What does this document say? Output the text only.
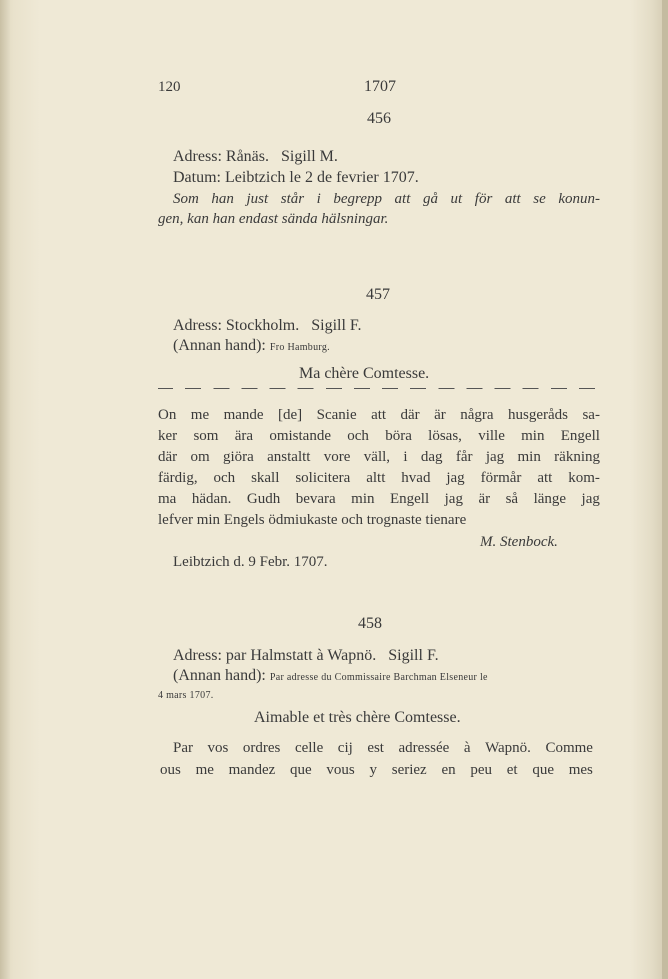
120	1707
456
Adress: Rånäs. Sigill M.
Datum: Leibtzich le 2 de fevrier 1707.
Som han just står i begrepp att gå ut för att se konun-
gen, kan han endast sända hälsningar.
457
Adress: Stockholm. Sigill F.
(Annan hand): Fro Hamburg.
Ma chère Comtesse.
On me mande [de] Scanie att där är några husgeråds sa-
ker som ära omistande och böra lösas, ville min Engell
där om giöra anstaltt vore väll, i dag får jag min räkning
färdig, och skall solicitera altt hvad jag förmår att kom-
ma hädan. Gudh bevara min Engell jag är så länge jag
lefver min Engels ödmiukaste och trognaste tienare
M. Stenbock.
Leibtzich d. 9 Febr. 1707.
458
Adress: par Halmstatt à Wapnö. Sigill F.
(Annan hand): Par adresse du Commissaire Barchman Elseneur le
4 mars 1707.
Aimable et très chère Comtesse.
Par vos ordres celle cij est adressée à Wapnö. Comme
ous me mandez que vous y seriez en peu et que mes
